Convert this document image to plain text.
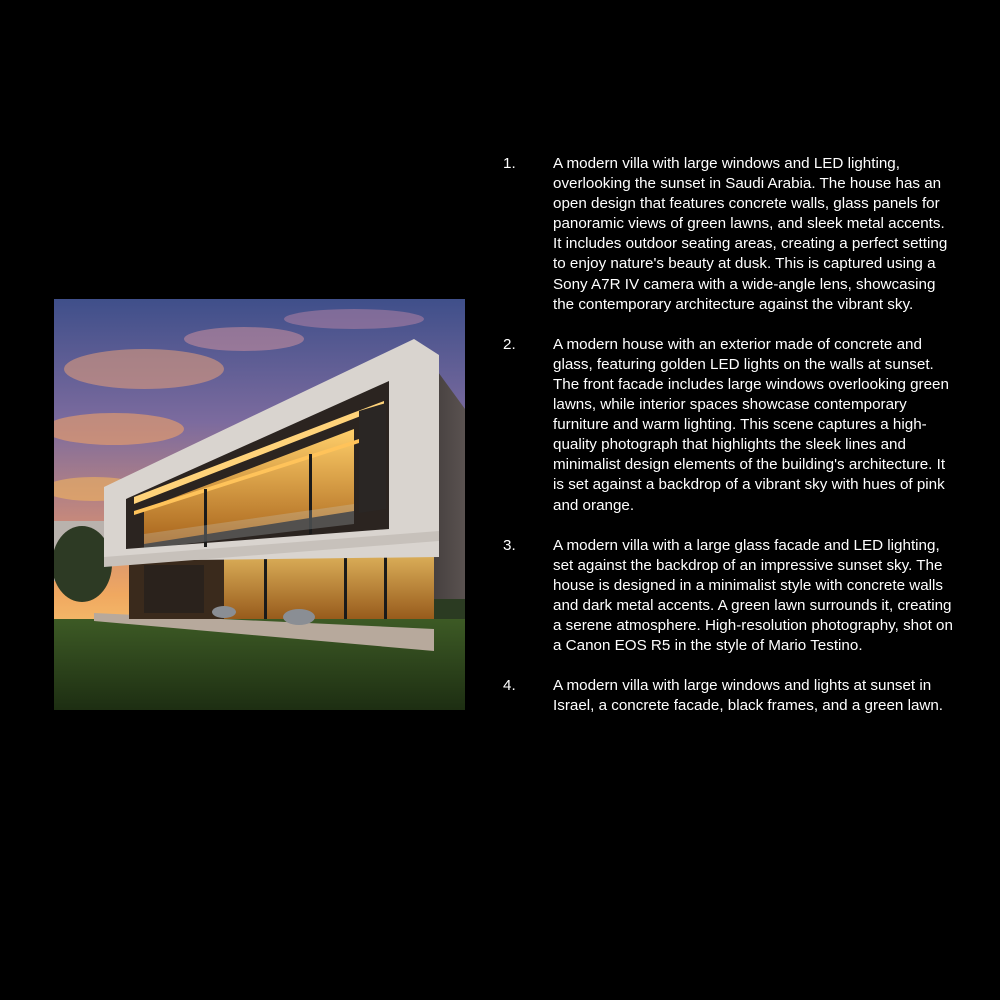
1. A modern villa with large windows and LED lighting, overlooking the sunset in Saudi Arabia. The house has an open design that features concrete walls, glass panels for panoramic views of green lawns, and sleek metal accents. It includes outdoor seating areas, creating a perfect setting to enjoy nature's beauty at dusk. This is captured using a Sony A7R IV camera with a wide-angle lens, showcasing the contemporary architecture against the vibrant sky.
2. A modern house with an exterior made of concrete and glass, featuring golden LED lights on the walls at sunset. The front facade includes large windows overlooking green lawns, while interior spaces showcase contemporary furniture and warm lighting. This scene captures a high-quality photograph that highlights the sleek lines and minimalist design elements of the building's architecture. It is set against a backdrop of a vibrant sky with hues of pink and orange.
3. A modern villa with a large glass facade and LED lighting, set against the backdrop of an impressive sunset sky. The house is designed in a minimalist style with concrete walls and dark metal accents. A green lawn surrounds it, creating a serene atmosphere. High-resolution photography, shot on a Canon EOS R5 in the style of Mario Testino.
4. A modern villa with large windows and lights at sunset in Israel, a concrete facade, black frames, and a green lawn.
